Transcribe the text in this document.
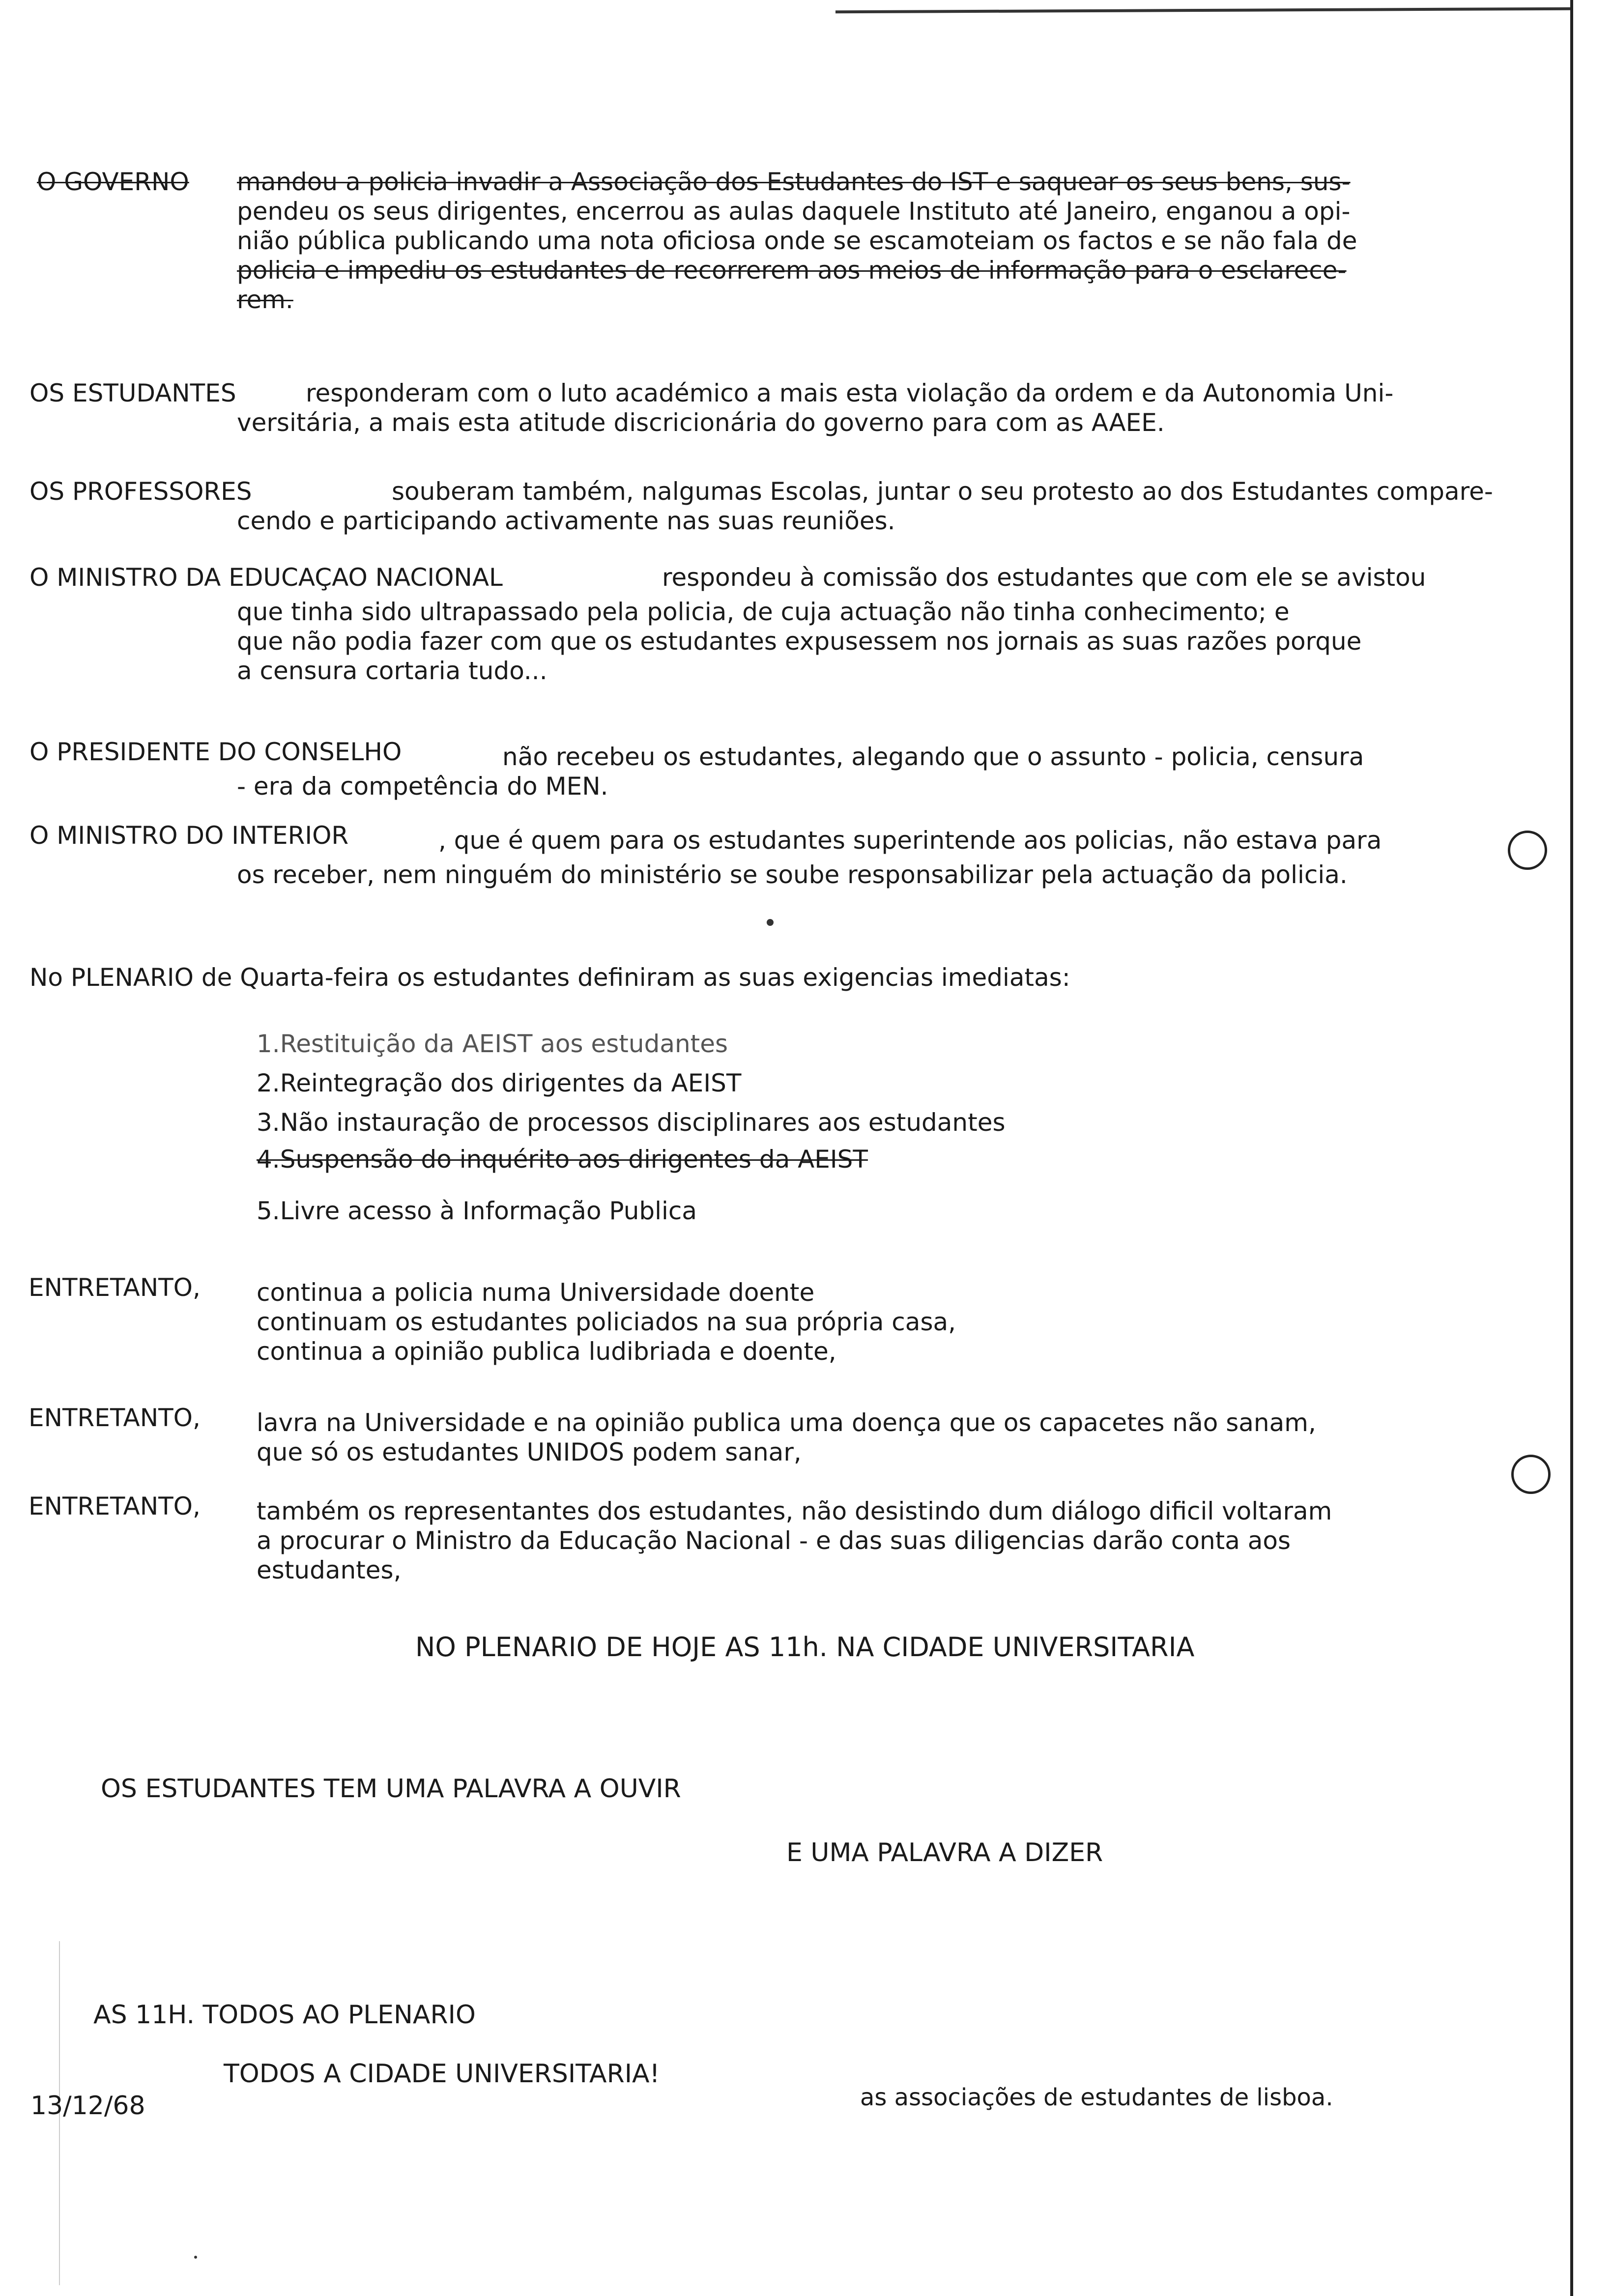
O GOVERNO mandou a policia invadir a Associação dos Estudantes do IST e saquear os seus bens, sus-
pendeu os seus dirigentes, encerrou as aulas daquele Instituto até Janeiro, enganou a opi-
nião pública publicando uma nota oficiosa onde se escamoteiam os factos e se não fala de
policia e impediu os estudantes de recorrerem aos meios de informação para o esclarece-
rem.
OS ESTUDANTES	responderam com o luto académico a mais esta violação da ordem e da Autonomia Uni-
versitária, a mais esta atitude discricionária do governo para com as AAEE.
OS PROFESSORES	souberam também, nalgumas Escolas, juntar o seu protesto ao dos Estudantes compare-
cendo e participando activamente nas suas reuniões.
O MINISTRO DA EDUCAÇAO NACIONAL	respondeu à comissão dos estudantes que com ele se avistou
que tinha sido ultrapassado pela policia, de cuja actuação não tinha conhecimento; e
que não podia fazer com que os estudantes expusessem nos jornais as suas razões porque
a censura cortaria tudo...
O PRESIDENTE DO CONSELHO	não recebeu os estudantes, alegando que o assunto - policia, censura
- era da competência do MEN.
O MINISTRO DO INTERIOR	, que é quem para os estudantes superintende aos policias, não estava para
os receber, nem ninguém do ministério se soube responsabilizar pela actuação da policia.
No PLENARIO de Quarta-feira os estudantes definiram as suas exigencias imediatas:
1.Restituição da AEIST aos estudantes
2.Reintegração dos dirigentes da AEIST
3.Não instauração de processos disciplinares aos estudantes
4.Suspensão do inquérito aos dirigentes da AEIST
5.Livre acesso à Informação Publica
ENTRETANTO, continua a policia numa Universidade doente
continuam os estudantes policiados na sua própria casa,
continua a opinião publica ludibriada e doente,
ENTRETANTO, lavra na Universidade e na opinião publica uma doença que os capacetes não sanam,
que só os estudantes UNIDOS podem sanar,
ENTRETANTO, também os representantes dos estudantes, não desistindo dum diálogo dificil voltaram
a procurar o Ministro da Educação Nacional - e das suas diligencias darão conta aos
estudantes,
NO PLENARIO DE HOJE AS 11h. NA CIDADE UNIVERSITARIA
OS ESTUDANTES TEM UMA PALAVRA A OUVIR
E UMA PALAVRA A DIZER
AS 11H. TODOS AO PLENARIO
TODOS A CIDADE UNIVERSITARIA!
13/12/68	as associações de estudantes de lisboa.
